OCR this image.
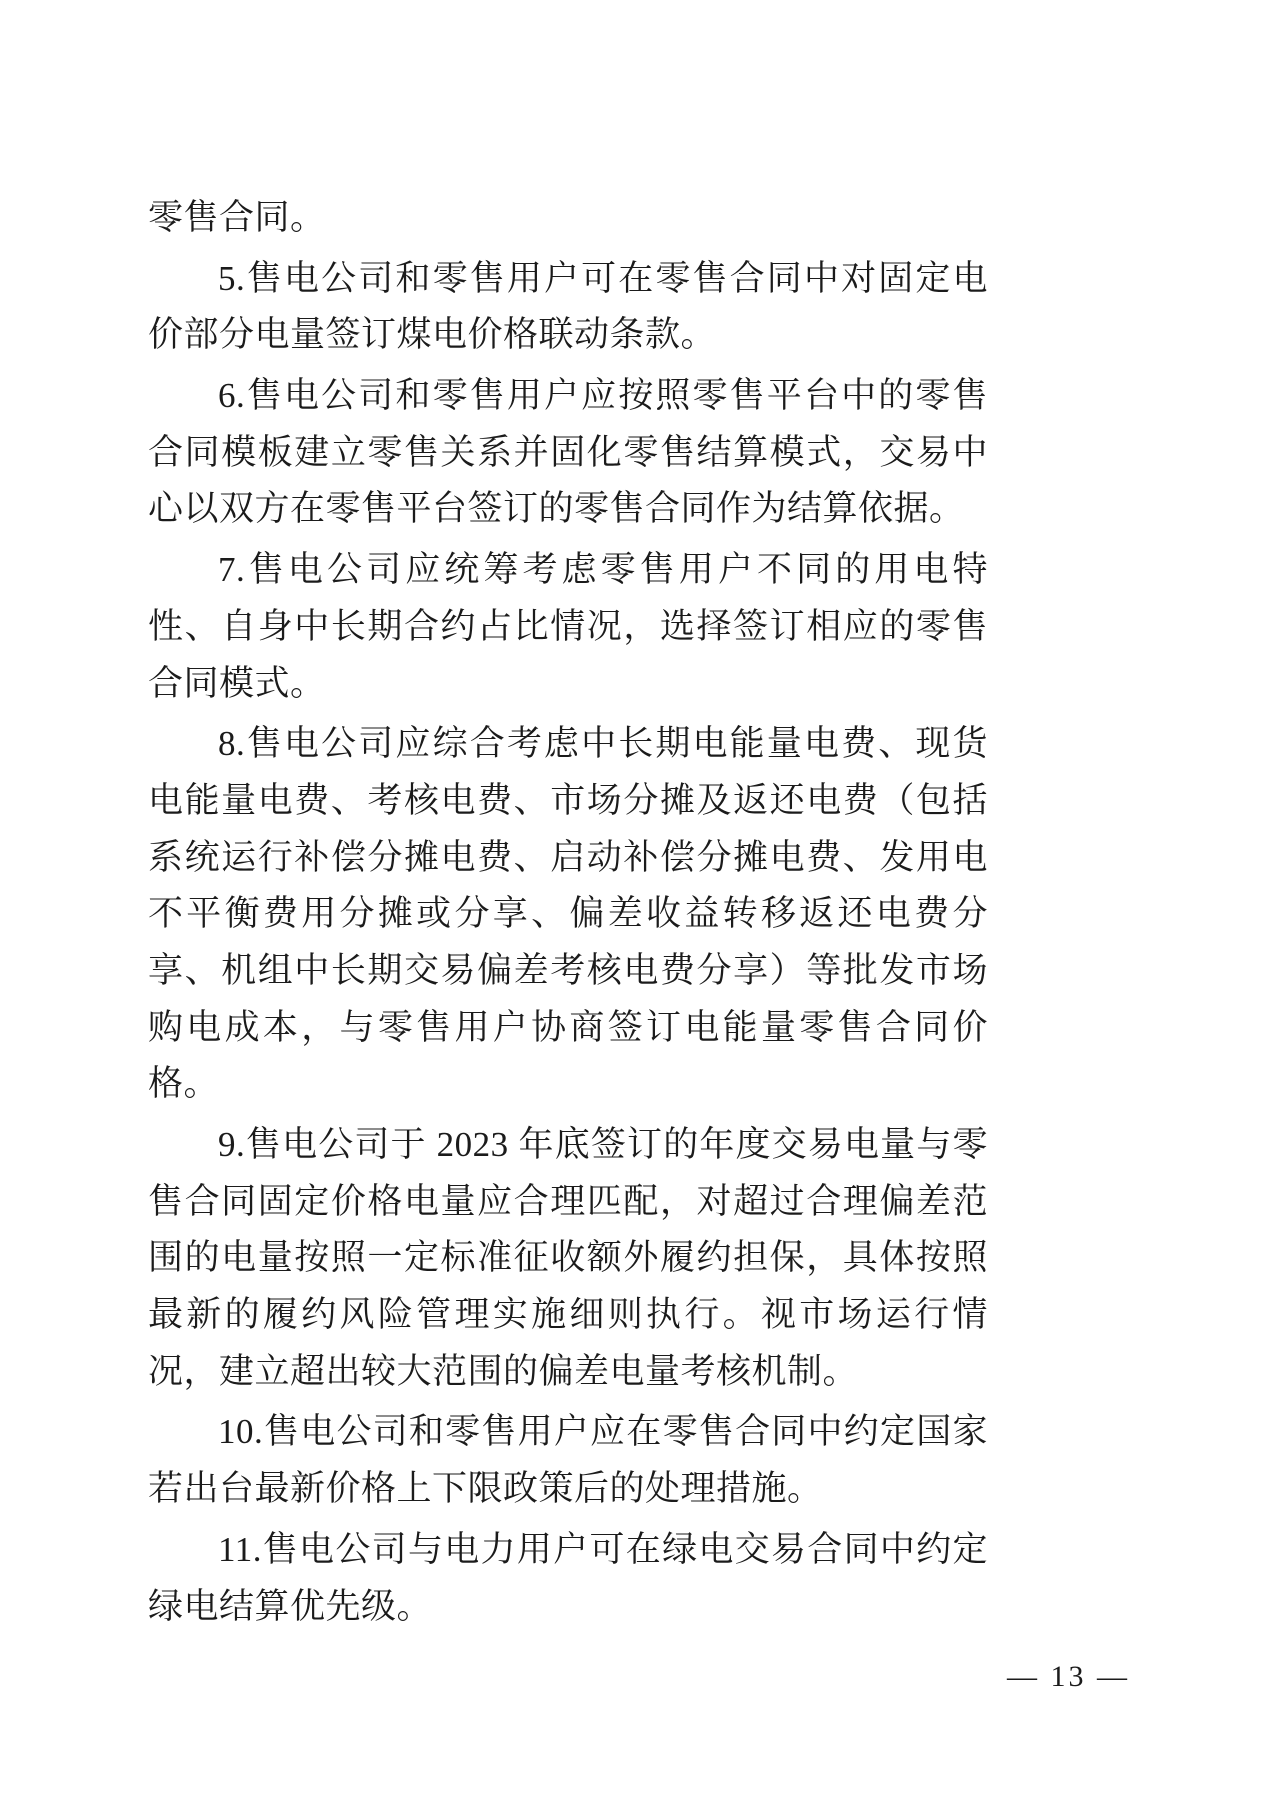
零售合同。

5.售电公司和零售用户可在零售合同中对固定电价部分电量签订煤电价格联动条款。

6.售电公司和零售用户应按照零售平台中的零售合同模板建立零售关系并固化零售结算模式，交易中心以双方在零售平台签订的零售合同作为结算依据。

7.售电公司应统筹考虑零售用户不同的用电特性、自身中长期合约占比情况，选择签订相应的零售合同模式。

8.售电公司应综合考虑中长期电能量电费、现货电能量电费、考核电费、市场分摊及返还电费（包括系统运行补偿分摊电费、启动补偿分摊电费、发用电不平衡费用分摊或分享、偏差收益转移返还电费分享、机组中长期交易偏差考核电费分享）等批发市场购电成本，与零售用户协商签订电能量零售合同价格。

9.售电公司于 2023 年底签订的年度交易电量与零售合同固定价格电量应合理匹配，对超过合理偏差范围的电量按照一定标准征收额外履约担保，具体按照最新的履约风险管理实施细则执行。视市场运行情况，建立超出较大范围的偏差电量考核机制。

10.售电公司和零售用户应在零售合同中约定国家若出台最新价格上下限政策后的处理措施。

11.售电公司与电力用户可在绿电交易合同中约定绿电结算优先级。

— 13 —
